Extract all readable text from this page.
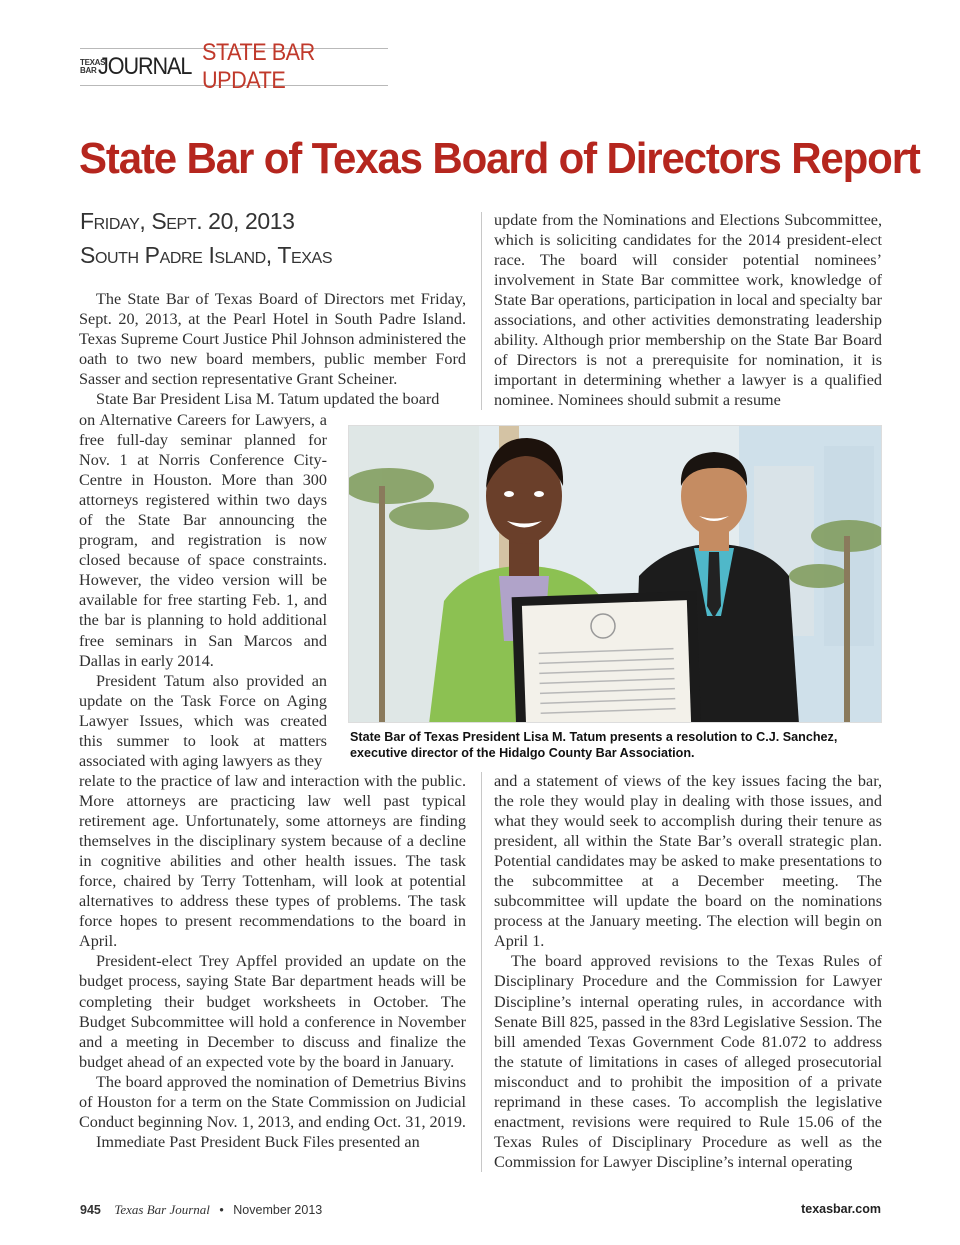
TEXAS
BAR JOURNAL
STATE BAR UPDATE
State Bar of Texas Board of Directors Report
Friday, Sept. 20, 2013
South Padre Island, Texas

The State Bar of Texas Board of Directors met Friday, Sept. 20, 2013, at the Pearl Hotel in South Padre Island. Texas Supreme Court Justice Phil Johnson administered the oath to two new board members, public member Ford Sasser and section representative Grant Scheiner.

State Bar President Lisa M. Tatum updated the board

on Alternative Careers for Lawyers, a free full-day seminar planned for Nov. 1 at Norris Conference City-Centre in Houston. More than 300 attorneys registered within two days of the State Bar announcing the program, and registration is now closed because of space constraints. However, the video version will be available for free starting Feb. 1, and the bar is planning to hold additional free seminars in San Marcos and Dallas in early 2014.

President Tatum also provided an update on the Task Force on Aging Lawyer Issues, which was created this summer to look at matters associated with aging lawyers as they

relate to the practice of law and interaction with the public. More attorneys are practicing law well past typical retirement age. Unfortunately, some attorneys are finding themselves in the disciplinary system because of a decline in cognitive abilities and other health issues. The task force, chaired by Terry Tottenham, will look at potential alternatives to address these types of problems. The task force hopes to present recommendations to the board in April.

President-elect Trey Apffel provided an update on the budget process, saying State Bar department heads will be completing their budget worksheets in October. The Budget Subcommittee will hold a conference in November and a meeting in December to discuss and finalize the budget ahead of an expected vote by the board in January.

The board approved the nomination of Demetrius Bivins of Houston for a term on the State Commission on Judicial Conduct beginning Nov. 1, 2013, and ending Oct. 31, 2019.

Immediate Past President Buck Files presented an

update from the Nominations and Elections Subcommittee, which is soliciting candidates for the 2014 president-elect race. The board will consider potential nominees’ involvement in State Bar committee work, knowledge of State Bar operations, participation in local and specialty bar associations, and other activities demonstrating leadership ability. Although prior membership on the State Bar Board of Directors is not a prerequisite for nomination, it is important in determining whether a lawyer is a qualified nominee. Nominees should submit a resume

and a statement of views of the key issues facing the bar, the role they would play in dealing with those issues, and what they would seek to accomplish during their tenure as president, all within the State Bar’s overall strategic plan. Potential candidates may be asked to make presentations to the subcommittee at a December meeting. The subcommittee will update the board on the nominations process at the January meeting. The election will begin on April 1.

The board approved revisions to the Texas Rules of Disciplinary Procedure and the Commission for Lawyer Discipline’s internal operating rules, in accordance with Senate Bill 825, passed in the 83rd Legislative Session. The bill amended Texas Government Code 81.072 to address the statute of limitations in cases of alleged prosecutorial misconduct and to prohibit the imposition of a private reprimand in these cases. To accomplish the legislative enactment, revisions were required to Rule 15.06 of the Texas Rules of Disciplinary Procedure as well as the Commission for Lawyer Discipline’s internal operating

State Bar of Texas President Lisa M. Tatum presents a resolution to C.J. Sanchez, executive director of the Hidalgo County Bar Association.
945 Texas Bar Journal • November 2013	texasbar.com
